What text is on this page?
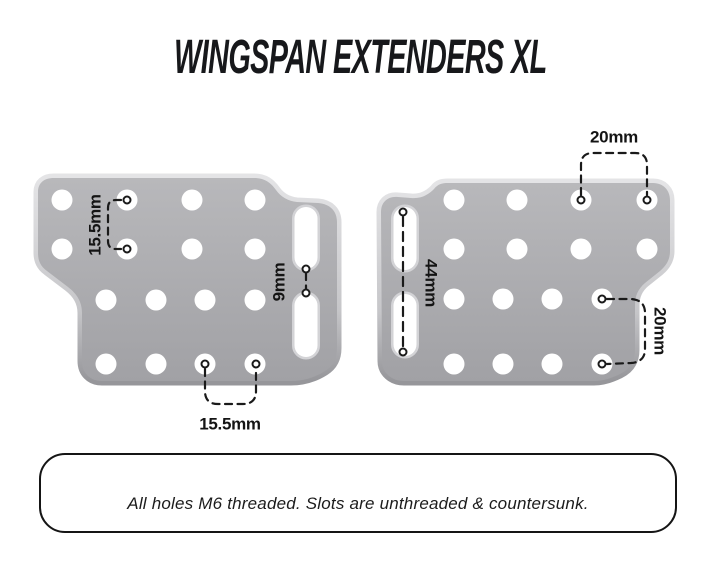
WINGSPAN EXTENDERS XL
15.5mm
9mm
15.5mm
20mm
44mm
20mm
All holes M6 threaded. Slots are unthreaded & countersunk.
